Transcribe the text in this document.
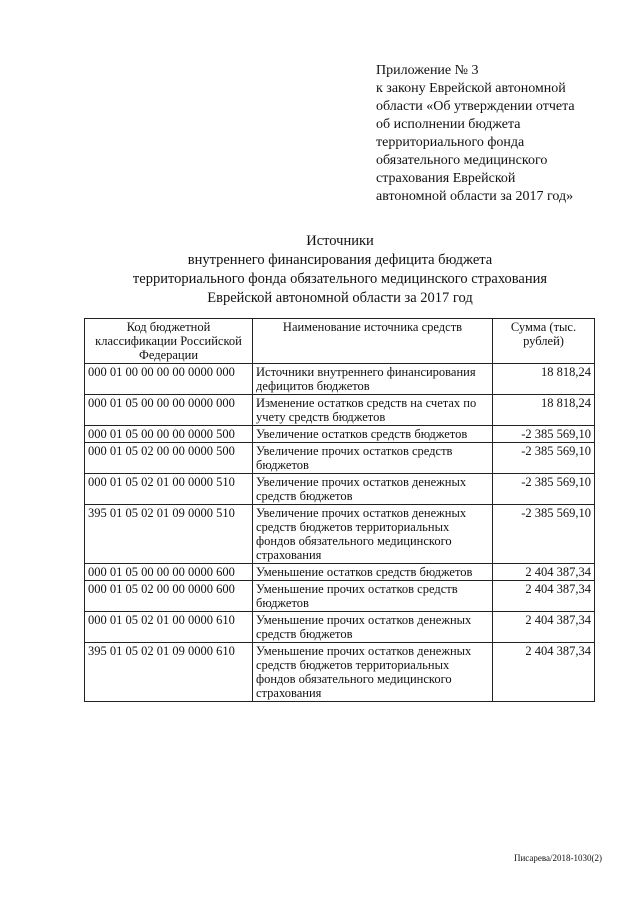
Приложение № 3
к закону Еврейской автономной
области «Об утверждении отчета
об исполнении бюджета
территориального фонда
обязательного медицинского
страхования Еврейской
автономной области за 2017 год»
Источники
внутреннего финансирования дефицита бюджета
территориального фонда обязательного медицинского страхования
Еврейской автономной области за 2017 год
Код бюджетной классификации Российской Федерации	Наименование источника средств	Сумма (тыс. рублей)
000 01 00 00 00 00 0000 000	Источники внутреннего финансирования дефицитов бюджетов	18 818,24
000 01 05 00 00 00 0000 000	Изменение остатков средств на счетах по учету средств бюджетов	18 818,24
000 01 05 00 00 00 0000 500	Увеличение остатков средств бюджетов	-2 385 569,10
000 01 05 02 00 00 0000 500	Увеличение прочих остатков средств бюджетов	-2 385 569,10
000 01 05 02 01 00 0000 510	Увеличение прочих остатков денежных средств бюджетов	-2 385 569,10
395 01 05 02 01 09 0000 510	Увеличение прочих остатков денежных средств бюджетов территориальных фондов обязательного медицинского страхования	-2 385 569,10
000 01 05 00 00 00 0000 600	Уменьшение остатков средств бюджетов	2 404 387,34
000 01 05 02 00 00 0000 600	Уменьшение прочих остатков средств бюджетов	2 404 387,34
000 01 05 02 01 00 0000 610	Уменьшение прочих остатков денежных средств бюджетов	2 404 387,34
395 01 05 02 01 09 0000 610	Уменьшение прочих остатков денежных средств бюджетов территориальных фондов обязательного медицинского страхования	2 404 387,34
Писарева/2018-1030(2)
